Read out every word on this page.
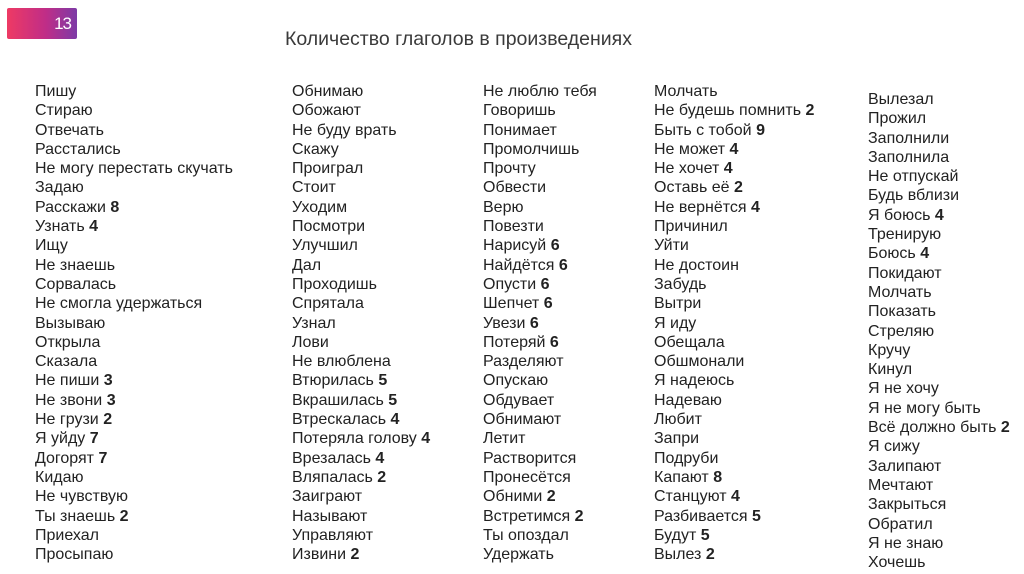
13
Количество глаголов в произведениях
Пишу
Стираю
Отвечать
Расстались
Не могу перестать скучать
Задаю
Расскажи 8
Узнать 4
Ищу
Не знаешь
Сорвалась
Не смогла удержаться
Вызываю
Открыла
Сказала
Не пиши 3
Не звони 3
Не грузи 2
Я уйду 7
Догорят 7
Кидаю
Не чувствую
Ты знаешь 2
Приехал
Просыпаю
Обнимаю
Обожают
Не буду врать
Скажу
Проиграл
Стоит
Уходим
Посмотри
Улучшил
Дал
Проходишь
Спрятала
Узнал
Лови
Не влюблена
Втюрилась 5
Вкрашилась 5
Втрескалась 4
Потеряла голову 4
Врезалась 4
Вляпалась 2
Заиграют
Называют
Управляют
Извини 2
Не люблю тебя
Говоришь
Понимает
Промолчишь
Прочту
Обвести
Верю
Повезти
Нарисуй 6
Найдётся 6
Опусти 6
Шепчет 6
Увези 6
Потеряй 6
Разделяют
Опускаю
Обдувает
Обнимают
Летит
Растворится
Пронесётся
Обними 2
Встретимся 2
Ты опоздал
Удержать
Молчать
Не будешь помнить 2
Быть с тобой 9
Не может 4
Не хочет 4
Оставь её 2
Не вернётся 4
Причинил
Уйти
Не достоин
Забудь
Вытри
Я иду
Обещала
Обшмонали
Я надеюсь
Надеваю
Любит
Запри
Подруби
Капают 8
Станцуют 4
Разбивается 5
Будут 5
Вылез 2
Вылезал
Прожил
Заполнили
Заполнила
Не отпускай
Будь вблизи
Я боюсь 4
Тренирую
Боюсь 4
Покидают
Молчать
Показать
Стреляю
Кручу
Кинул
Я не хочу
Я не могу быть
Всё должно быть 2
Я сижу
Залипают
Мечтают
Закрыться
Обратил
Я не знаю
Хочешь
